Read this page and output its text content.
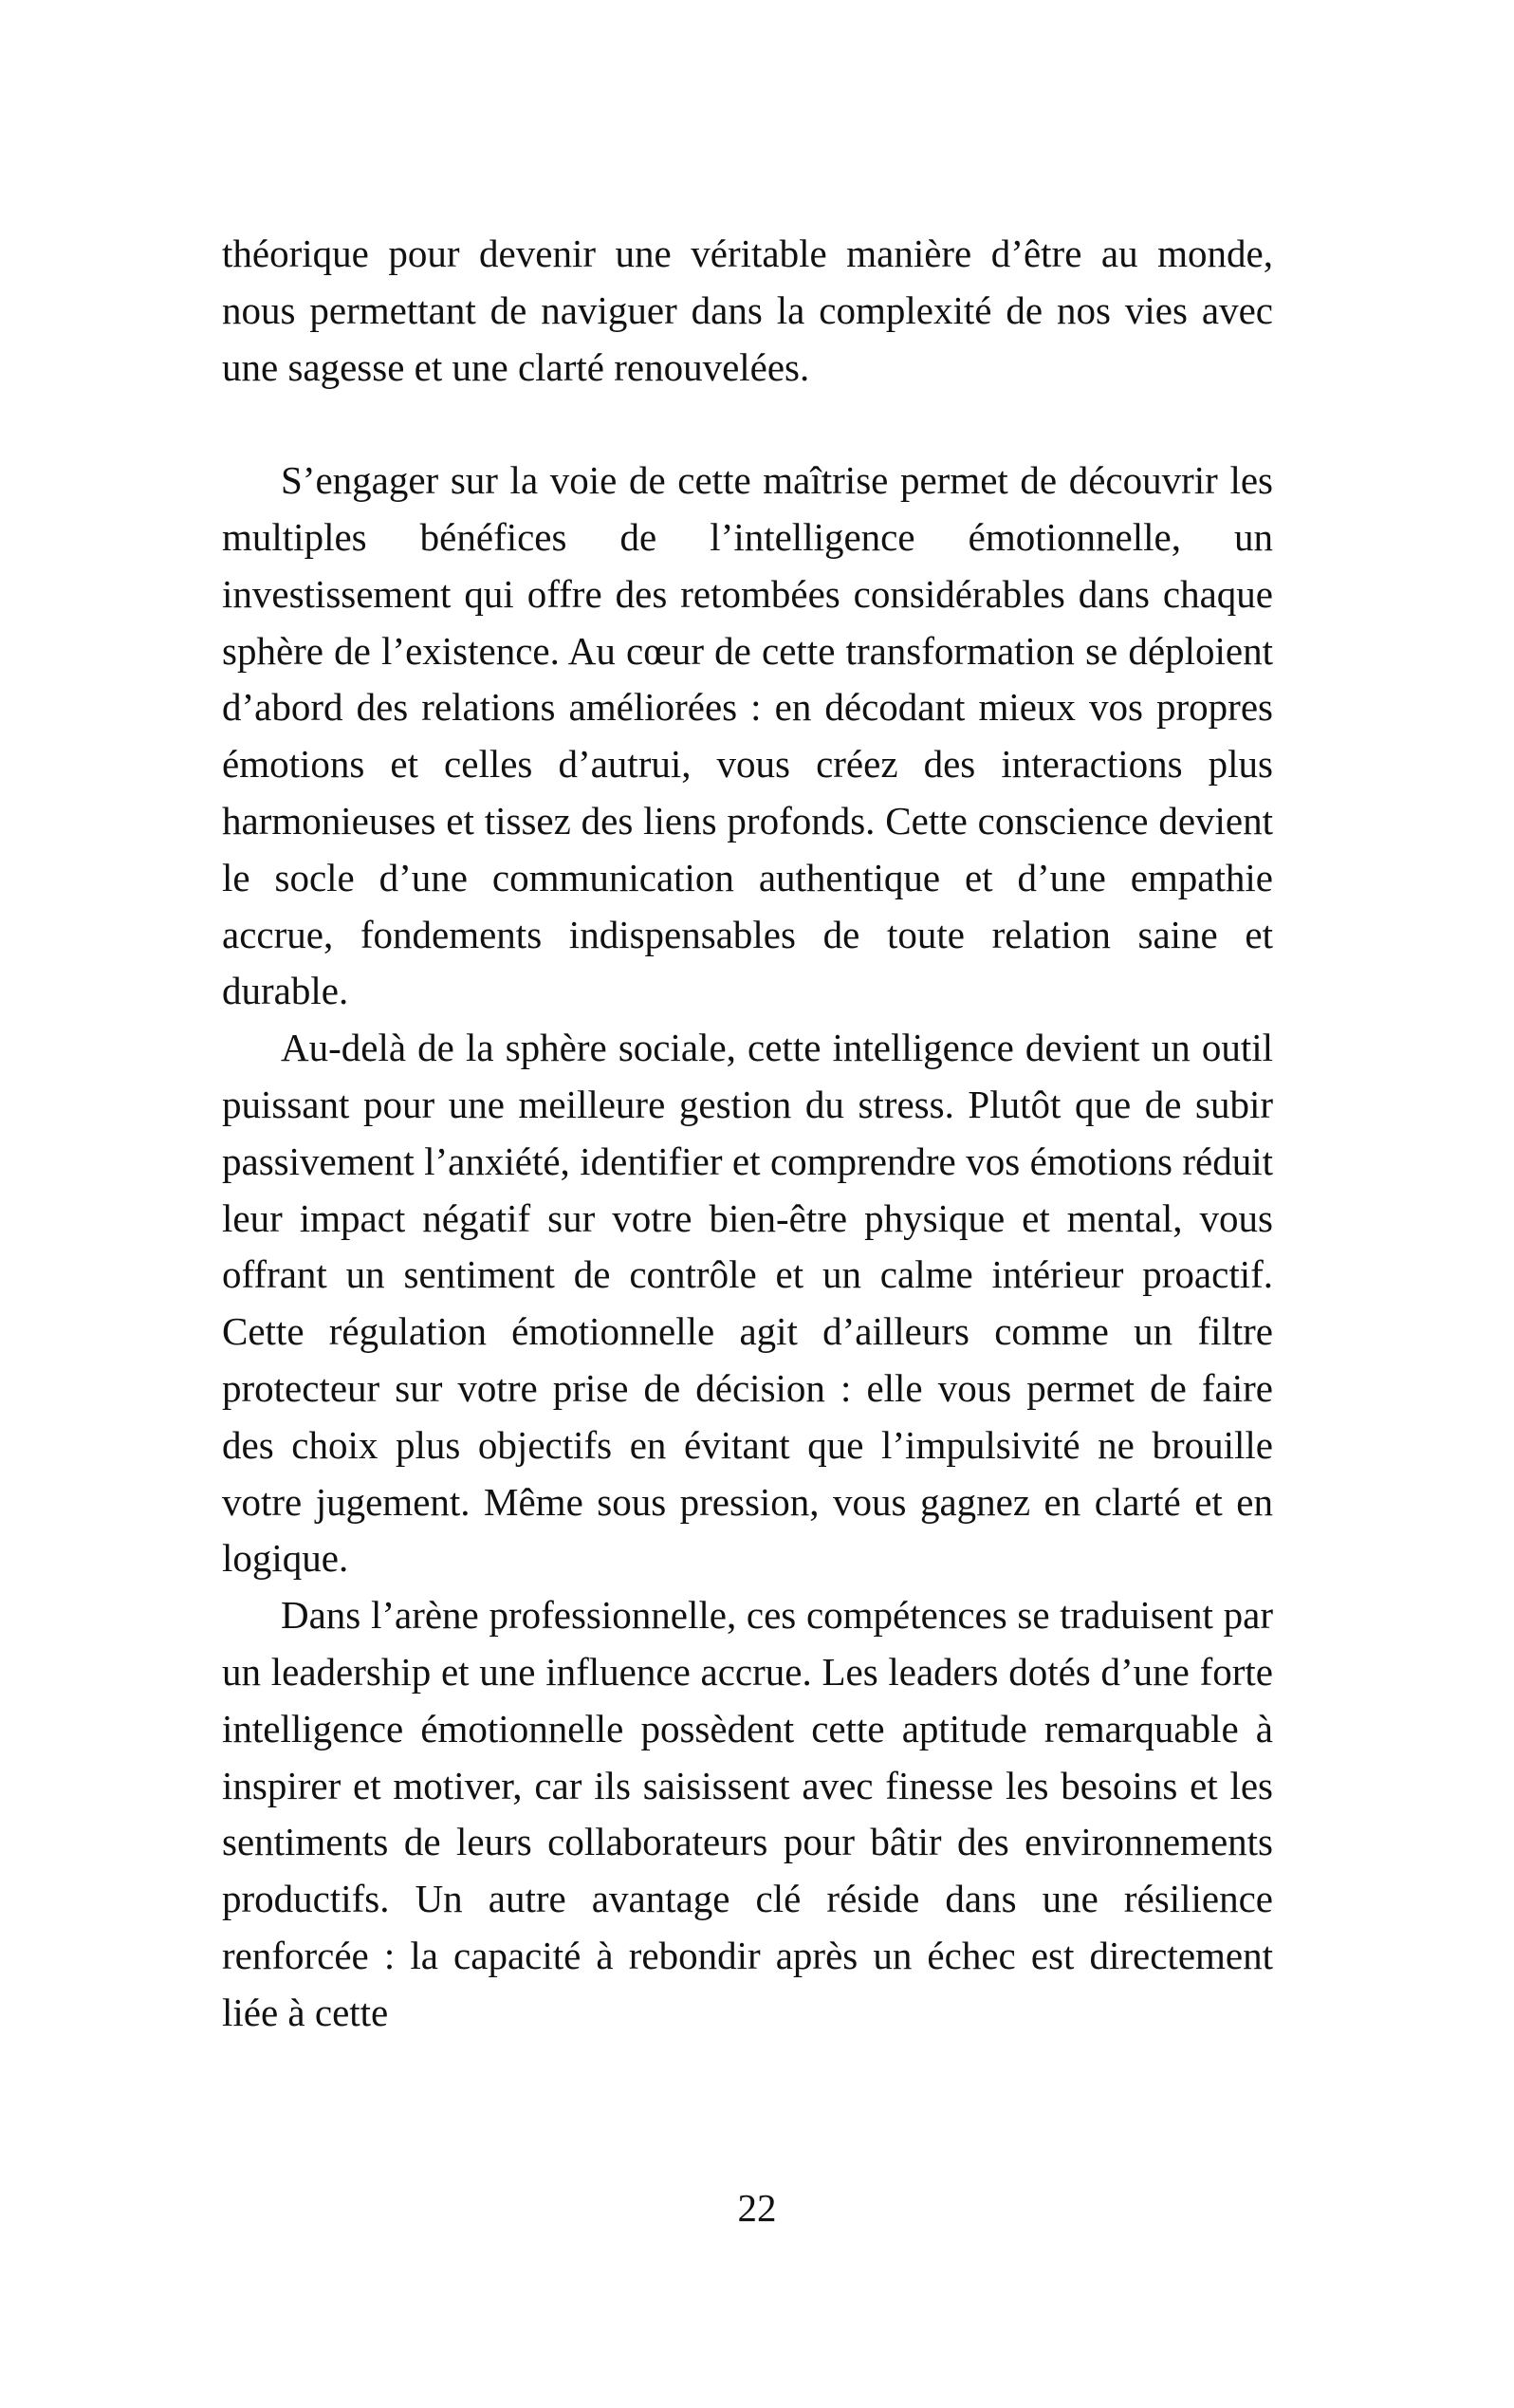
théorique pour devenir une véritable manière d’être au monde, nous permettant de naviguer dans la complexité de nos vies avec une sagesse et une clarté renouvelées.

S’engager sur la voie de cette maîtrise permet de découvrir les multiples bénéfices de l’intelligence émotionnelle, un investissement qui offre des retombées considérables dans chaque sphère de l’existence. Au cœur de cette transformation se déploient d’abord des relations améliorées : en décodant mieux vos propres émotions et celles d’autrui, vous créez des interactions plus harmonieuses et tissez des liens profonds. Cette conscience devient le socle d’une communication authentique et d’une empathie accrue, fondements indispensables de toute relation saine et durable.

Au-delà de la sphère sociale, cette intelligence devient un outil puissant pour une meilleure gestion du stress. Plutôt que de subir passivement l’anxiété, identifier et comprendre vos émotions réduit leur impact négatif sur votre bien-être physique et mental, vous offrant un sentiment de contrôle et un calme intérieur proactif. Cette régulation émotionnelle agit d’ailleurs comme un filtre protecteur sur votre prise de décision : elle vous permet de faire des choix plus objectifs en évitant que l’impulsivité ne brouille votre jugement. Même sous pression, vous gagnez en clarté et en logique.

Dans l’arène professionnelle, ces compétences se traduisent par un leadership et une influence accrue. Les leaders dotés d’une forte intelligence émotionnelle possèdent cette aptitude remarquable à inspirer et motiver, car ils saisissent avec finesse les besoins et les sentiments de leurs collaborateurs pour bâtir des environnements productifs. Un autre avantage clé réside dans une résilience renforcée : la capacité à rebondir après un échec est directement liée à cette

22
